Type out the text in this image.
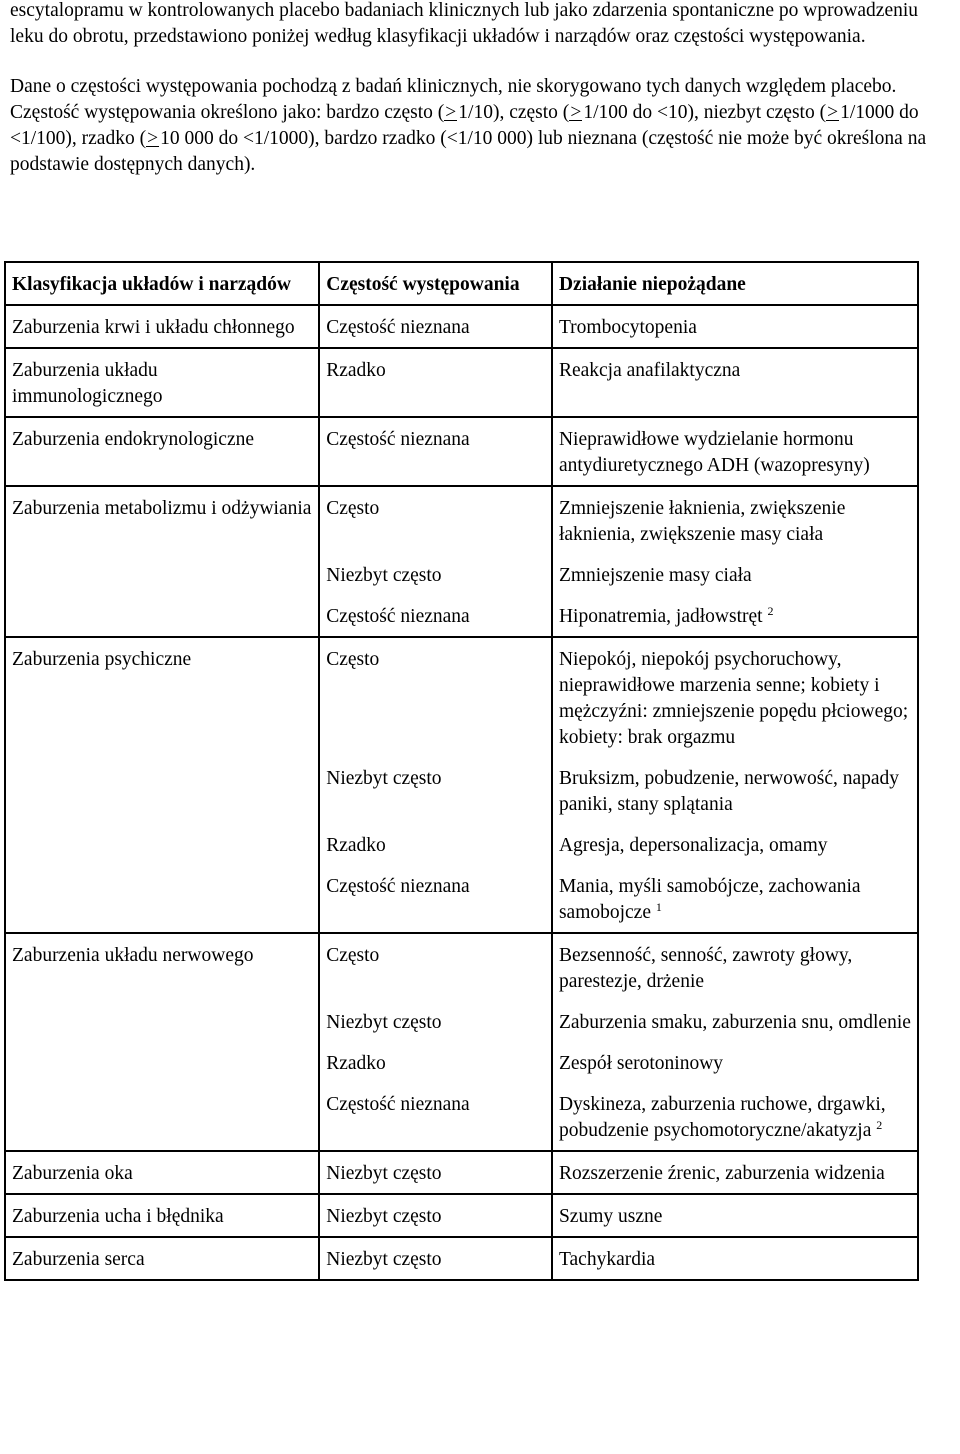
escytalopramu w kontrolowanych placebo badaniach klinicznych lub jako zdarzenia spontaniczne po wprowadzeniu leku do obrotu, przedstawiono poniżej według klasyfikacji układów i narządów oraz częstości występowania.

Dane o częstości występowania pochodzą z badań klinicznych, nie skorygowano tych danych względem placebo. Częstość występowania określono jako: bardzo często (> 1/10), często (> 1/100 do <10), niezbyt często (> 1/1000 do <1/100), rzadko (> 10 000 do <1/1000), bardzo rzadko (<1/10 000) lub nieznana (częstość nie może być określona na podstawie dostępnych danych).

Klasyfikacja układów i narządów	Częstość występowania	Działanie niepożądane
Zaburzenia krwi i układu chłonnego	Częstość nieznana	Trombocytopenia
Zaburzenia układu immunologicznego	Rzadko	Reakcja anafilaktyczna
Zaburzenia endokrynologiczne	Częstość nieznana	Nieprawidłowe wydzielanie hormonu antydiuretycznego ADH (wazopresyny)
Zaburzenia metabolizmu i odżywiania	Często	Zmniejszenie łaknienia, zwiększenie łaknienia, zwiększenie masy ciała
	Niezbyt często	Zmniejszenie masy ciała
	Częstość nieznana	Hiponatremia, jadłowstręt $^2$
Zaburzenia psychiczne	Często	Niepokój, niepokój psychoruchowy, nieprawidłowe marzenia senne; kobiety i mężczyźni: zmniejszenie popędu płciowego; kobiety: brak orgazmu
	Niezbyt często	Bruksizm, pobudzenie, nerwowość, napady paniki, stany splątania
	Rzadko	Agresja, depersonalizacja, omamy
	Częstość nieznana	Mania, myśli samobójcze, zachowania samobojcze $^1$
Zaburzenia układu nerwowego	Często	Bezsenność, senność, zawroty głowy, parestezje, drżenie
	Niezbyt często	Zaburzenia smaku, zaburzenia snu, omdlenie
	Rzadko	Zespół serotoninowy
	Częstość nieznana	Dyskineza, zaburzenia ruchowe, drgawki, pobudzenie psychomotoryczne/akatyzja $^2$
Zaburzenia oka	Niezbyt często	Rozszerzenie źrenic, zaburzenia widzenia
Zaburzenia ucha i błędnika	Niezbyt często	Szumy uszne
Zaburzenia serca	Niezbyt często	Tachykardia
